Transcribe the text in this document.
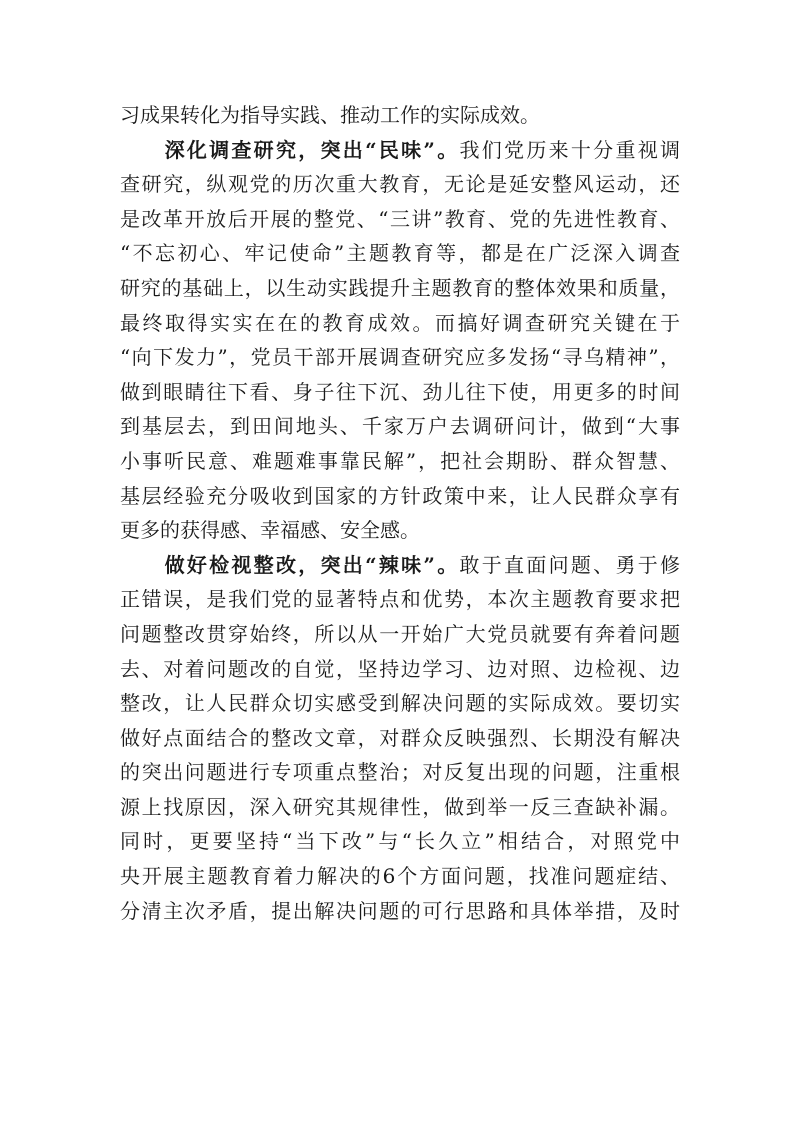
习成果转化为指导实践、推动工作的实际成效。
　　深化调查研究，突出“民味”。我们党历来十分重视调
查研究，纵观党的历次重大教育，无论是延安整风运动，还
是改革开放后开展的整党、“三讲”教育、党的先进性教育、
“不忘初心、牢记使命”主题教育等，都是在广泛深入调查
研究的基础上，以生动实践提升主题教育的整体效果和质量，
最终取得实实在在的教育成效。而搞好调查研究关键在于
“向下发力”，党员干部开展调查研究应多发扬“寻乌精神”，
做到眼睛往下看、身子往下沉、劲儿往下使，用更多的时间
到基层去，到田间地头、千家万户去调研问计，做到“大事
小事听民意、难题难事靠民解”，把社会期盼、群众智慧、
基层经验充分吸收到国家的方针政策中来，让人民群众享有
更多的获得感、幸福感、安全感。
　　做好检视整改，突出“辣味”。敢于直面问题、勇于修
正错误，是我们党的显著特点和优势，本次主题教育要求把
问题整改贯穿始终，所以从一开始广大党员就要有奔着问题
去、对着问题改的自觉，坚持边学习、边对照、边检视、边
整改，让人民群众切实感受到解决问题的实际成效。要切实
做好点面结合的整改文章，对群众反映强烈、长期没有解决
的突出问题进行专项重点整治；对反复出现的问题，注重根
源上找原因，深入研究其规律性，做到举一反三查缺补漏。
同时，更要坚持“当下改”与“长久立”相结合，对照党中
央开展主题教育着力解决的6个方面问题，找准问题症结、
分清主次矛盾，提出解决问题的可行思路和具体举措，及时
